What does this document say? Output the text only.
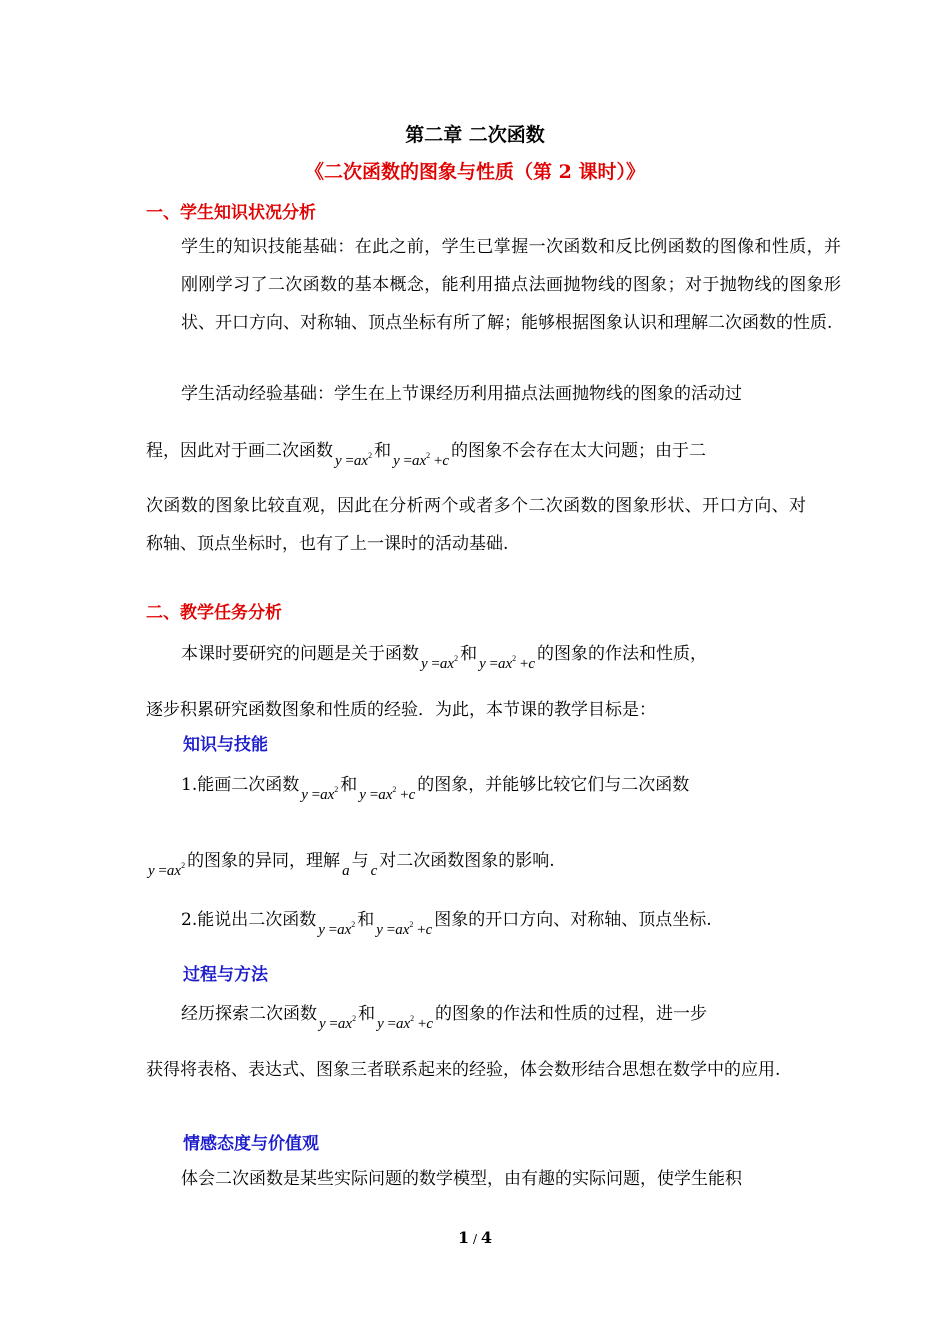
第二章 二次函数
《二次函数的图象与性质（第 2 课时）》
一、学生知识状况分析
学生的知识技能基础：在此之前，学生已掌握一次函数和反比例函数的图像和性质，并刚刚学习了二次函数的基本概念，能利用描点法画抛物线的图象；对于抛物线的图象形状、开口方向、对称轴、顶点坐标有所了解；能够根据图象认识和理解二次函数的性质.
学生活动经验基础：学生在上节课经历利用描点法画抛物线的图象的活动过
程，因此对于画二次函数 $y =ax^2$ 和 $y =ax^2 +c$ 的图象不会存在太大问题；由于二
次函数的图象比较直观，因此在分析两个或者多个二次函数的图象形状、开口方向、对称轴、顶点坐标时，也有了上一课时的活动基础.
二、教学任务分析
本课时要研究的问题是关于函数 $y =ax^2$ 和 $y =ax^2 +c$ 的图象的作法和性质，
逐步积累研究函数图象和性质的经验．为此，本节课的教学目标是：
知识与技能
1.能画二次函数 $y =ax^2$ 和 $y =ax^2 +c$ 的图象，并能够比较它们与二次函数
$y =ax^2$ 的图象的异同，理解 a 与 c 对二次函数图象的影响.
2.能说出二次函数 $y =ax^2$ 和 $y =ax^2 +c$ 图象的开口方向、对称轴、顶点坐标.
过程与方法
经历探索二次函数 $y =ax^2$ 和 $y =ax^2 +c$ 的图象的作法和性质的过程，进一步
获得将表格、表达式、图象三者联系起来的经验，体会数形结合思想在数学中的应用.
情感态度与价值观
体会二次函数是某些实际问题的数学模型，由有趣的实际问题，使学生能积
1 / 4
